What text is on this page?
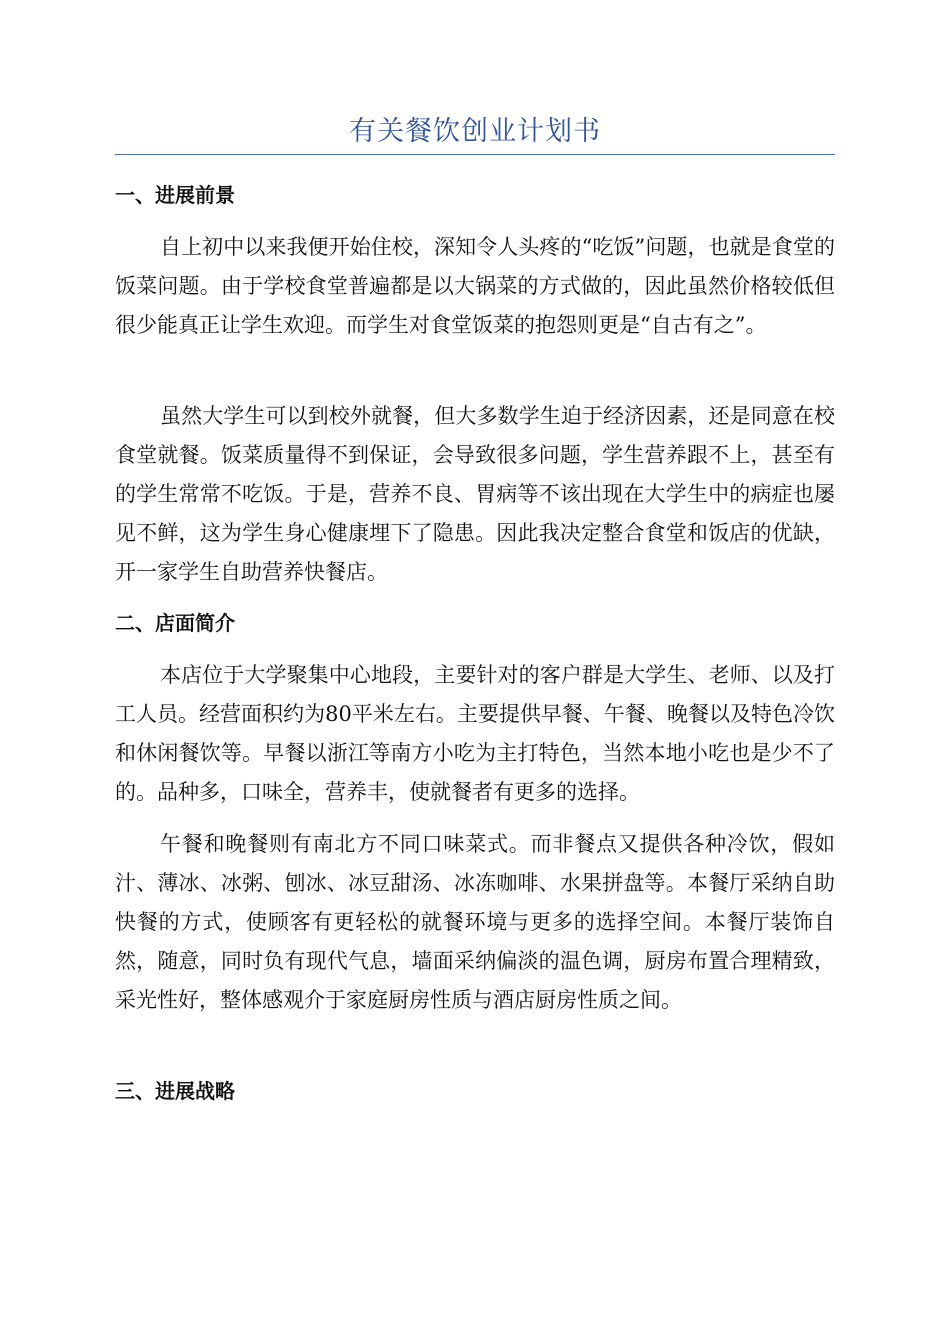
有关餐饮创业计划书
一、进展前景

自上初中以来我便开始住校，深知令人头疼的“吃饭”问题，也就是食堂的饭菜问题。由于学校食堂普遍都是以大锅菜的方式做的，因此虽然价格较低但很少能真正让学生欢迎。而学生对食堂饭菜的抱怨则更是“自古有之”。

虽然大学生可以到校外就餐，但大多数学生迫于经济因素，还是同意在校食堂就餐。饭菜质量得不到保证，会导致很多问题，学生营养跟不上，甚至有的学生常常不吃饭。于是，营养不良、胃病等不该出现在大学生中的病症也屡见不鲜，这为学生身心健康埋下了隐患。因此我决定整合食堂和饭店的优缺，开一家学生自助营养快餐店。

二、店面简介

本店位于大学聚集中心地段，主要针对的客户群是大学生、老师、以及打工人员。经营面积约为80平米左右。主要提供早餐、午餐、晚餐以及特色冷饮和休闲餐饮等。早餐以浙江等南方小吃为主打特色，当然本地小吃也是少不了的。品种多，口味全，营养丰，使就餐者有更多的选择。

午餐和晚餐则有南北方不同口味菜式。而非餐点又提供各种冷饮，假如汁、薄冰、冰粥、刨冰、冰豆甜汤、冰冻咖啡、水果拼盘等。本餐厅采纳自助快餐的方式，使顾客有更轻松的就餐环境与更多的选择空间。本餐厅装饰自然，随意，同时负有现代气息，墙面采纳偏淡的温色调，厨房布置合理精致，采光性好，整体感观介于家庭厨房性质与酒店厨房性质之间。

三、进展战略
